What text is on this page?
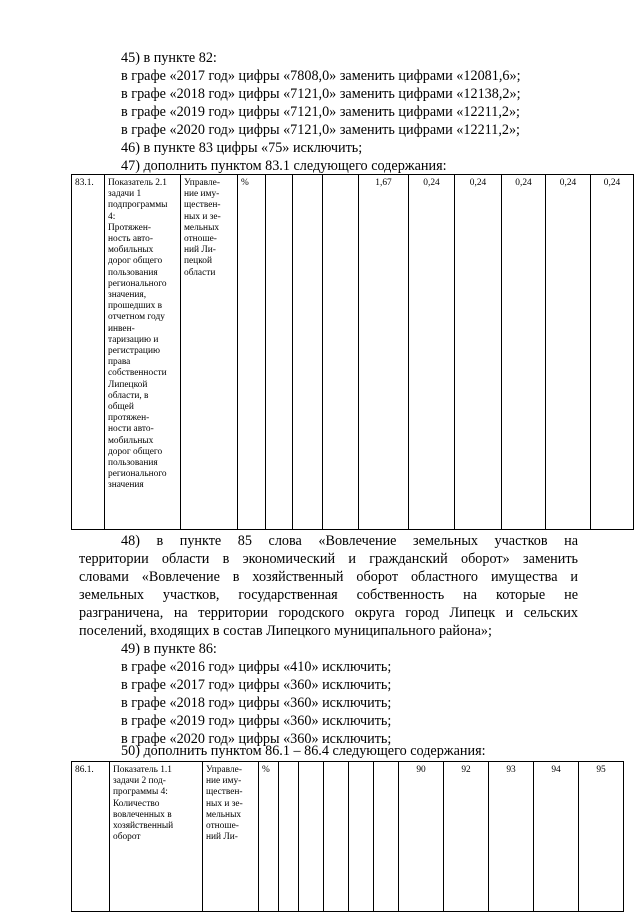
45) в пункте 82:
в графе «2017 год» цифры «7808,0» заменить цифрами «12081,6»;
в графе «2018 год» цифры «7121,0» заменить цифрами «12138,2»;
в графе «2019 год» цифры «7121,0» заменить цифрами «12211,2»;
в графе «2020 год» цифры «7121,0» заменить цифрами «12211,2»;
46) в пункте 83 цифры «75» исключить;
47) дополнить пунктом 83.1 следующего содержания:
83.1.	Показатель 2.1
задачи 1
подпрограммы
4:
Протяжен-
ность авто-
мобильных
дорог общего
пользования
регионального
значения,
прошедших в
отчетном году
инвен-
таризацию и
регистрацию
права
собственности
Липецкой
области, в
общей
протяжен-
ности авто-
мобильных
дорог общего
пользования
регионального
значения	Управле-
ние иму-
ществен-
ных и зе-
мельных
отноше-
ний Ли-
пецкой
области	%				1,67	0,24	0,24	0,24	0,24	0,24
48) в пункте 85 слова «Вовлечение земельных участков на
территории области в экономический и гражданский оборот» заменить
словами «Вовлечение в хозяйственный оборот областного имущества и
земельных участков, государственная собственность на которые не
разграничена, на территории городского округа город Липецк и сельских
поселений, входящих в состав Липецкого муниципального района»;
49) в пункте 86:
в графе «2016 год» цифры «410» исключить;
в графе «2017 год» цифры «360» исключить;
в графе «2018 год» цифры «360» исключить;
в графе «2019 год» цифры «360» исключить;
в графе «2020 год» цифры «360» исключить;
50) дополнить пунктом 86.1 – 86.4 следующего содержания:
86.1.	Показатель 1.1
задачи 2 под-
программы 4:
Количество
вовлеченных в
хозяйственный
оборот	Управле-
ние иму-
ществен-
ных и зе-
мельных
отноше-
ний Ли-	%						90	92	93	94	95
